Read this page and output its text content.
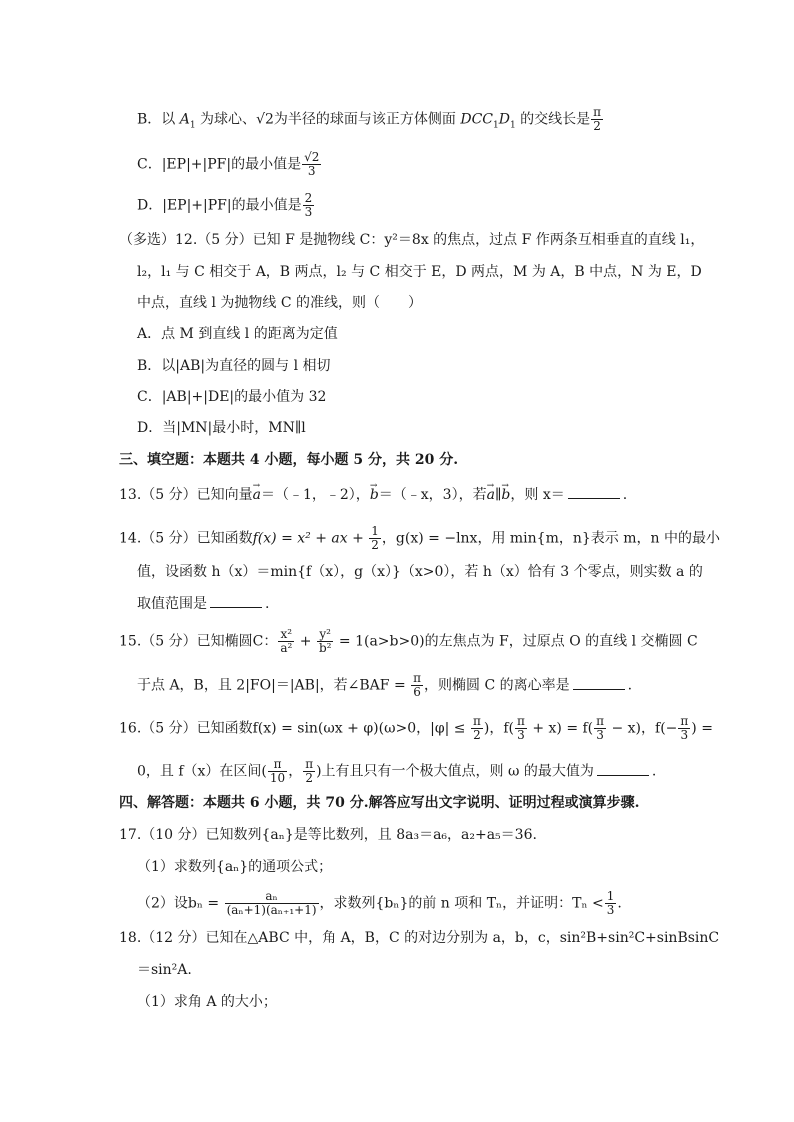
B．以 $A_1$ 为球心、√2为半径的球面与该正方体侧面 $DCC_1D_1$ 的交线长是 $\frac{\pi}{2}$
C．|EP|+|PF|的最小值是 $\frac{√2}{3}$
D．|EP|+|PF|的最小值是 $\frac{2}{3}$
（多选）12.（5 分）已知 F 是抛物线 C：y²＝8x 的焦点，过点 F 作两条互相垂直的直线 l₁，
l₂，l₁ 与 C 相交于 A，B 两点，l₂ 与 C 相交于 E，D 两点，M 为 A，B 中点，N 为 E，D
中点，直线 l 为抛物线 C 的准线，则（　　）
A．点 M 到直线 l 的距离为定值
B．以|AB|为直径的圆与 l 相切
C．|AB|+|DE|的最小值为 32
D．当|MN|最小时，MN∥l
三、填空题：本题共 4 小题，每小题 5 分，共 20 分.
13.（5 分）已知向量→ a＝（﹣1，﹣2），→ b＝（﹣x，3），若→ a∥→ b，则 x＝	.
14.（5 分）已知函数f(x) = x² + ax + $\frac{1}{2}$ ，g(x) = −lnx，用 min{m，n}表示 m，n 中的最小
值，设函数 h（x）＝min{f（x），g（x）}（x>0），若 h（x）恰有 3 个零点，则实数 a 的
取值范围是	.
15.（5 分）已知椭圆C： $\frac{\text{x²}}{\text{a²}} + \frac{\text{y²}}{\text{b²}} = 1(a>b>0)$的左焦点为 F，过原点 O 的直线 l 交椭圆 C
于点 A，B，且 2|FO|＝|AB|，若∠BAF = $\frac{\pi}{6}$ ，则椭圆 C 的离心率是	.
16.（5 分）已知函数f(x) = sin(ωx + φ)(ω>0，$|\varphi| \le \frac{\pi}{2}$ )，$f( \frac{\pi}{3} + x) = f( \frac{\pi}{3} - x)$，$f(- \frac{\pi}{3}$ ) =
0，且 f（x）在区间( $\frac{\pi}{10}$ ， $\frac{\pi}{2}$ )上有且只有一个极大值点，则 ω 的最大值为	.
四、解答题：本题共 6 小题，共 70 分.解答应写出文字说明、证明过程或演算步骤.
17.（10 分）已知数列{aₙ}是等比数列，且 8a₃＝a₆，a₂+a₅＝36.
（1）求数列{aₙ}的通项公式；
（2）设$b_n = \frac{\text{aₙ}}{\text{(aₙ+1)(aₙ₊₁+1)}}$ ，求数列{bₙ}的前 n 项和 Tₙ，并证明：$T_n < \frac{1}{3}$ .
18.（12 分）已知在△ABC 中，角 A，B，C 的对边分别为 a，b，c，sin²B+sin²C+sinBsinC
＝sin²A.
（1）求角 A 的大小；
